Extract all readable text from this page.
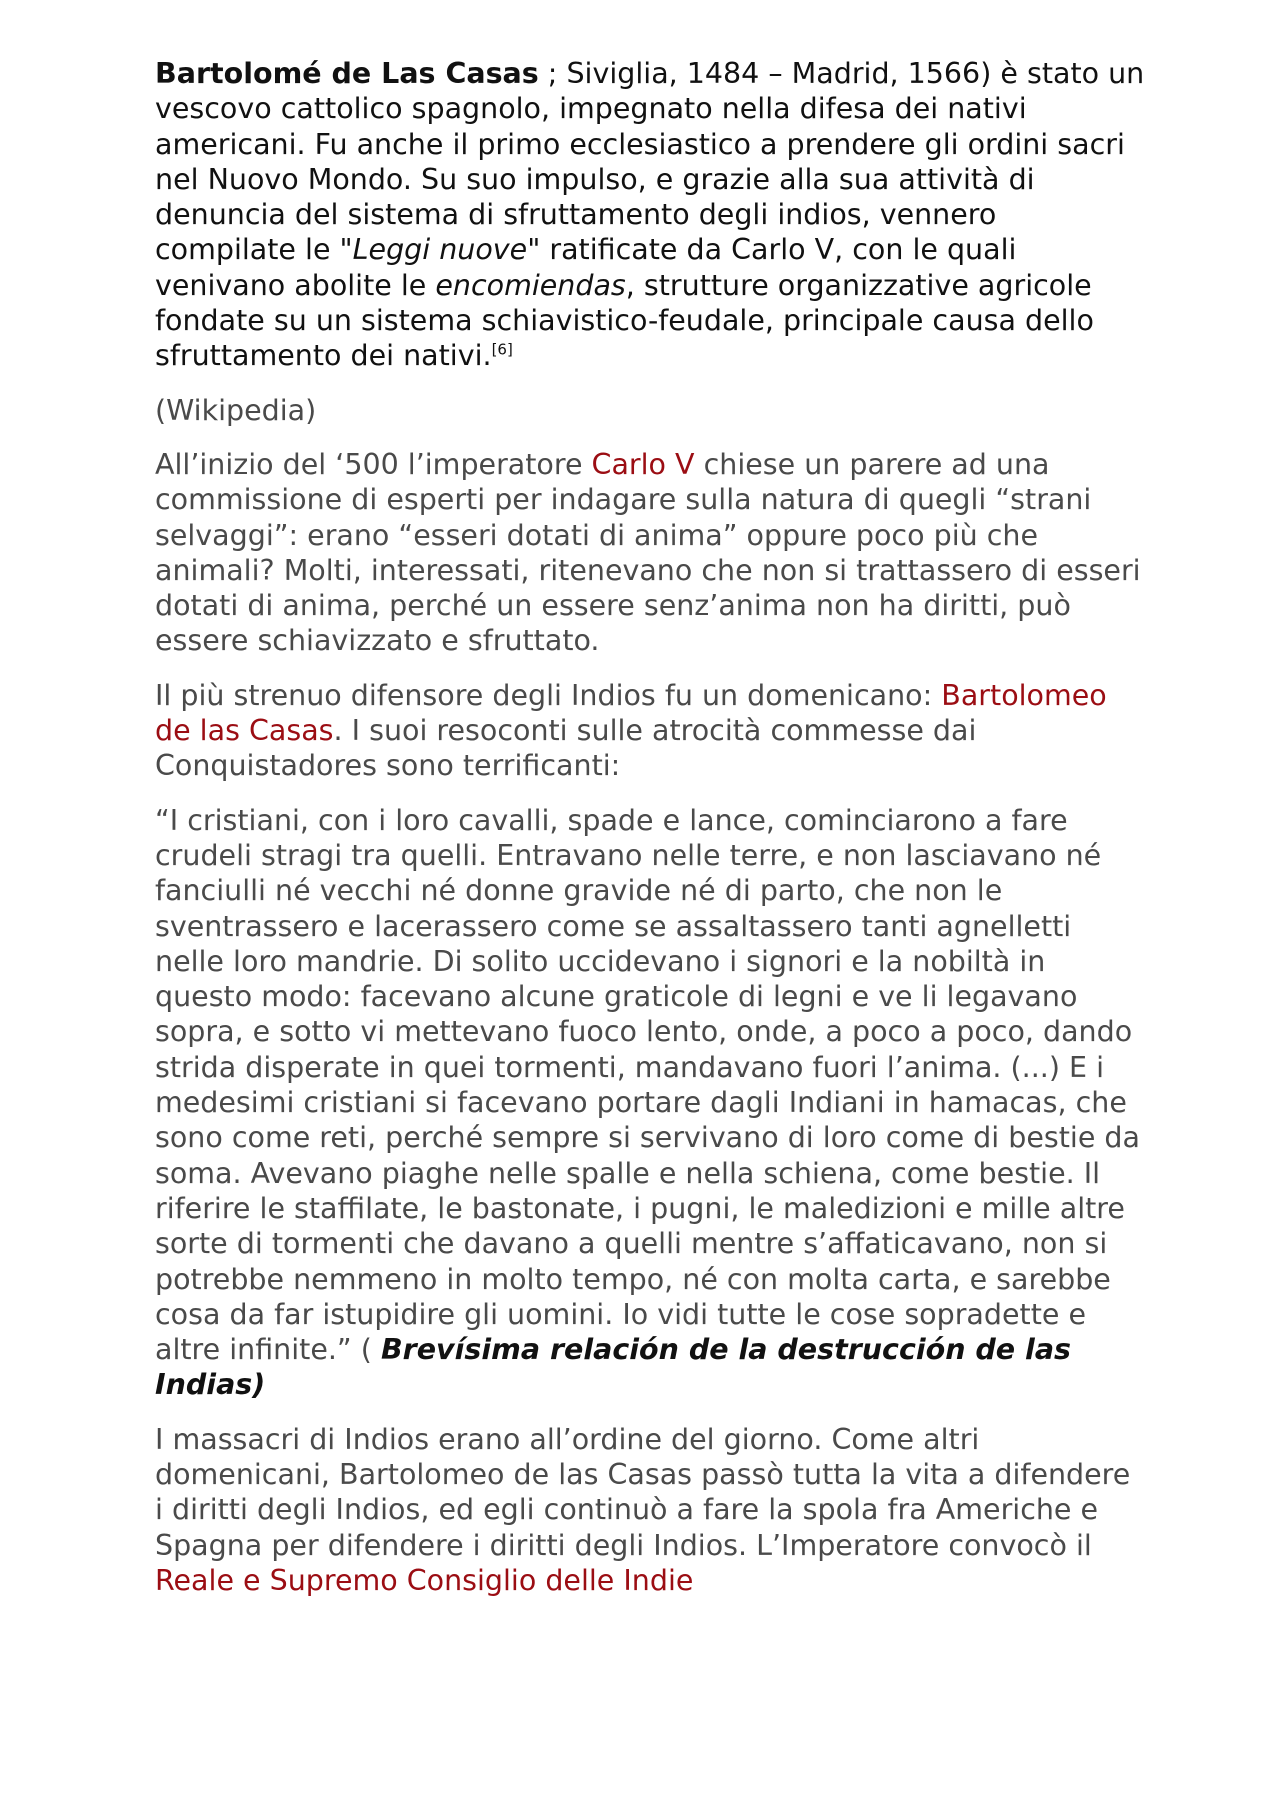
Bartolomé de Las Casas ; Siviglia, 1484 – Madrid, 1566) è stato un vescovo cattolico spagnolo, impegnato nella difesa dei nativi americani. Fu anche il primo ecclesiastico a prendere gli ordini sacri nel Nuovo Mondo. Su suo impulso, e grazie alla sua attività di denuncia del sistema di sfruttamento degli indios, vennero compilate le "Leggi nuove" ratificate da Carlo V, con le quali venivano abolite le encomiendas, strutture organizzative agricole fondate su un sistema schiavistico-feudale, principale causa dello sfruttamento dei nativi.[6]

(Wikipedia)

All’inizio del ‘500 l’imperatore Carlo V chiese un parere ad una commissione di esperti per indagare sulla natura di quegli “strani selvaggi”: erano “esseri dotati di anima” oppure poco più che animali? Molti, interessati, ritenevano che non si trattassero di esseri dotati di anima, perché un essere senz’anima non ha diritti, può essere schiavizzato e sfruttato.

Il più strenuo difensore degli Indios fu un domenicano: Bartolomeo de las Casas. I suoi resoconti sulle atrocità commesse dai Conquistadores sono terrificanti:

“I cristiani, con i loro cavalli, spade e lance, cominciarono a fare crudeli stragi tra quelli. Entravano nelle terre, e non lasciavano né fanciulli né vecchi né donne gravide né di parto, che non le sventrassero e lacerassero come se assaltassero tanti agnelletti nelle loro mandrie. Di solito uccidevano i signori e la nobiltà in questo modo: facevano alcune graticole di legni e ve li legavano sopra, e sotto vi mettevano fuoco lento, onde, a poco a poco, dando strida disperate in quei tormenti, mandavano fuori l’anima. (...) E i medesimi cristiani si facevano portare dagli Indiani in hamacas, che sono come reti, perché sempre si servivano di loro come di bestie da soma. Avevano piaghe nelle spalle e nella schiena, come bestie. Il riferire le staffilate, le bastonate, i pugni, le maledizioni e mille altre sorte di tormenti che davano a quelli mentre s’affaticavano, non si potrebbe nemmeno in molto tempo, né con molta carta, e sarebbe cosa da far istupidire gli uomini. Io vidi tutte le cose sopradette e altre infinite.” ( Brevísima relación de la destrucción de las Indias)

I massacri di Indios erano all’ordine del giorno. Come altri domenicani, Bartolomeo de las Casas passò tutta la vita a difendere i diritti degli Indios, ed egli continuò a fare la spola fra Americhe e Spagna per difendere i diritti degli Indios. L’Imperatore convocò il Reale e Supremo Consiglio delle Indie
